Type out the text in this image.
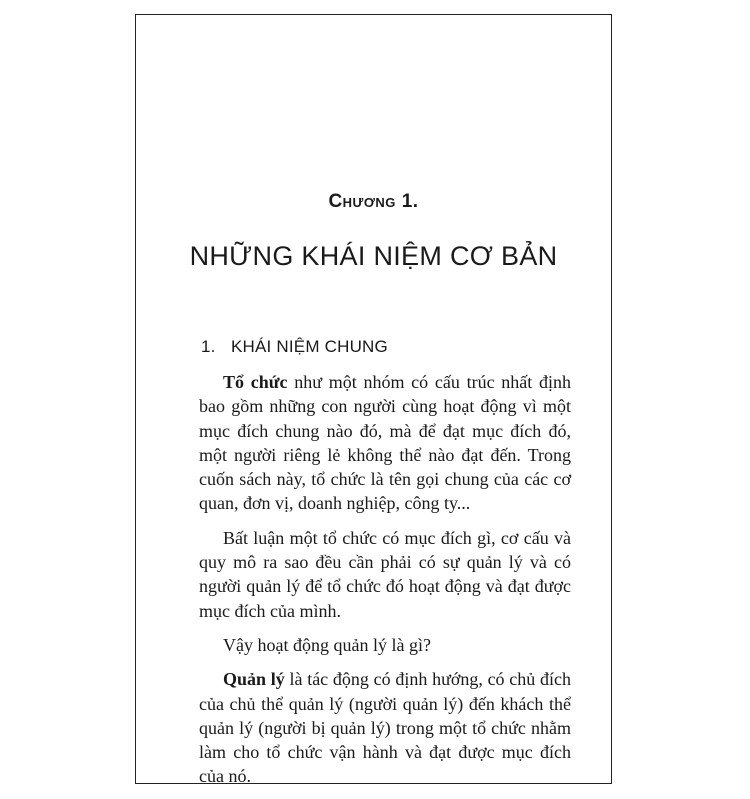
Chương 1.
NHỮNG KHÁI NIỆM CƠ BẢN
1. KHÁI NIỆM CHUNG

Tổ chức như một nhóm có cấu trúc nhất định bao gồm những con người cùng hoạt động vì một mục đích chung nào đó, mà để đạt mục đích đó, một người riêng lẻ không thể nào đạt đến. Trong cuốn sách này, tổ chức là tên gọi chung của các cơ quan, đơn vị, doanh nghiệp, công ty...

Bất luận một tổ chức có mục đích gì, cơ cấu và quy mô ra sao đều cần phải có sự quản lý và có người quản lý để tổ chức đó hoạt động và đạt được mục đích của mình.

Vậy hoạt động quản lý là gì?

Quản lý là tác động có định hướng, có chủ đích của chủ thể quản lý (người quản lý) đến khách thể quản lý (người bị quản lý) trong một tổ chức nhằm làm cho tổ chức vận hành và đạt được mục đích của nó.
